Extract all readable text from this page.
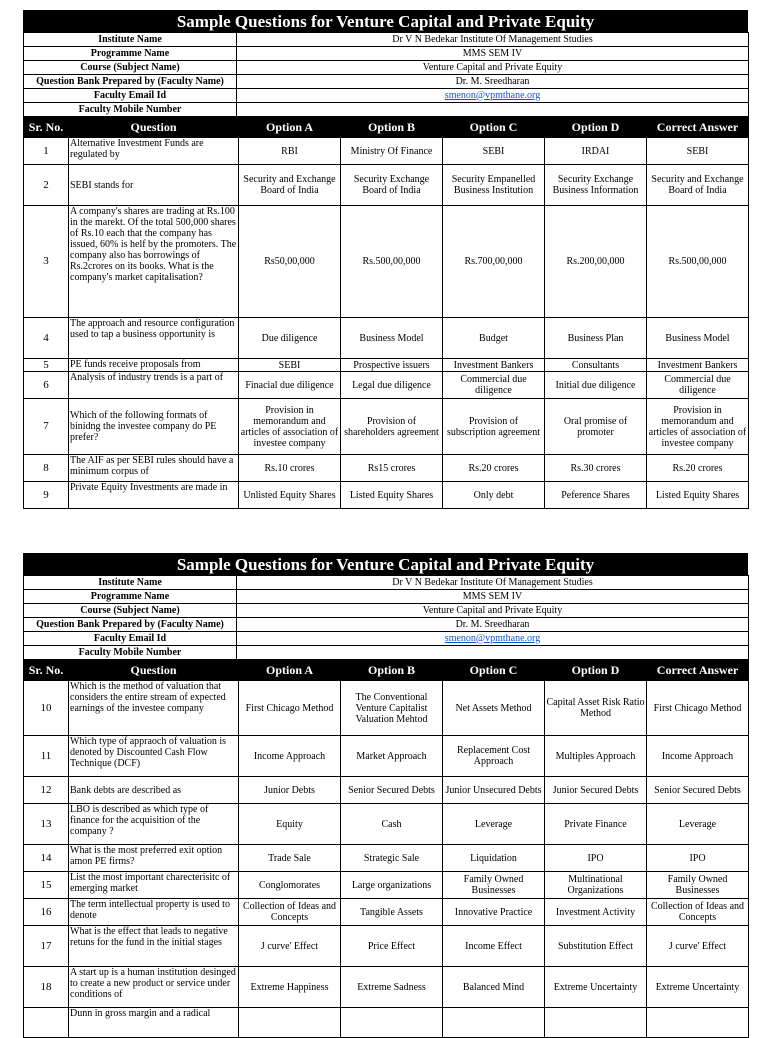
Sample Questions for Venture Capital and Private Equity
Institute Name	Dr V N Bedekar Institute Of Management Studies
Programme Name	MMS SEM IV
Course (Subject Name)	Venture Capital and Private Equity
Question Bank Prepared by (Faculty Name)	Dr. M. Sreedharan
Faculty Email Id	smenon@vpmthane.org
Faculty Mobile Number	
Sr. No.	Question	Option A	Option B	Option C	Option D	Correct Answer
1	Alternative Investment Funds are regulated by	RBI	Ministry Of Finance	SEBI	IRDAI	SEBI
2	SEBI stands for	Security and Exchange Board of India	Security Exchange Board of India	Security Empanelled Business Institution	Security Exchange Business Information	Security and Exchange Board of India
3	A company's shares are trading at Rs.100 in the marekt. Of the total 500,000 shares of Rs.10 each that the company has issued, 60% is helf by the promoters. The company also has borrowings of Rs.2crores on its books. What is the company's market capitalisation?	Rs50,00,000	Rs.500,00,000	Rs.700,00,000	Rs.200,00,000	Rs.500,00,000
4	The approach and resource configuration used to tap a business opportunity is	Due diligence	Business Model	Budget	Business Plan	Business Model
5	PE funds receive proposals from	SEBI	Prospective issuers	Investment Bankers	Consultants	Investment Bankers
6	Analysis of industry trends is a part of	Finacial due diligence	Legal due diligence	Commercial due diligence	Initial due diligence	Commercial due diligence
7	Which of the following formats of binidng the investee company do PE prefer?	Provision in memorandum and articles of association of investee company	Provision of shareholders agreement	Provision of subscription agreement	Oral promise of promoter	Provision in memorandum and articles of association of investee company
8	The AIF as per SEBI rules should have a minimum corpus of	Rs.10 crores	Rs15 crores	Rs.20 crores	Rs.30 crores	Rs.20 crores
9	Private Equity Investments are made in	Unlisted Equity Shares	Listed Equity Shares	Only debt	Peference Shares	Listed Equity Shares
Sample Questions for Venture Capital and Private Equity
Institute Name	Dr V N Bedekar Institute Of Management Studies
Programme Name	MMS SEM IV
Course (Subject Name)	Venture Capital and Private Equity
Question Bank Prepared by (Faculty Name)	Dr. M. Sreedharan
Faculty Email Id	smenon@vpmthane.org
Faculty Mobile Number	
Sr. No.	Question	Option A	Option B	Option C	Option D	Correct Answer
10	Which is the method of valuation that considers the entire stream of expected earnings of the investee company	First Chicago Method	The Conventional Venture Capitalist Valuation Mehtod	Net Assets Method	Capital Asset Risk Ratio Method	First Chicago Method
11	Which type of appraoch of valuation is denoted by Discounted Cash Flow Technique (DCF)	Income Approach	Market Approach	Replacement Cost Approach	Multiples Approach	Income Approach
12	Bank debts are described as	Junior Debts	Senior Secured Debts	Junior Unsecured Debts	Junior Secured Debts	Senior Secured Debts
13	LBO is described as which type of finance for the acquisition of the company ?	Equity	Cash	Leverage	Private Finance	Leverage
14	What is the most preferred exit option amon PE firms?	Trade Sale	Strategic Sale	Liquidation	IPO	IPO
15	List the most important charecterisitc of emerging market	Conglomorates	Large organizations	Family Owned Businesses	Multinational Organizations	Family Owned Businesses
16	The term intellectual property is used to denote	Collection of Ideas and Concepts	Tangible Assets	Innovative Practice	Investment Activity	Collection of Ideas and Concepts
17	What is the effect that leads to negative retuns for the fund in the initial stages	J curve' Effect	Price Effect	Income Effect	Substitution Effect	J curve' Effect
18	A start up is a human institution desinged to create a new product or service under conditions of	Extreme Happiness	Extreme Sadness	Balanced Mind	Extreme Uncertainty	Extreme Uncertainty
	Dunn in gross margin and a radical					
